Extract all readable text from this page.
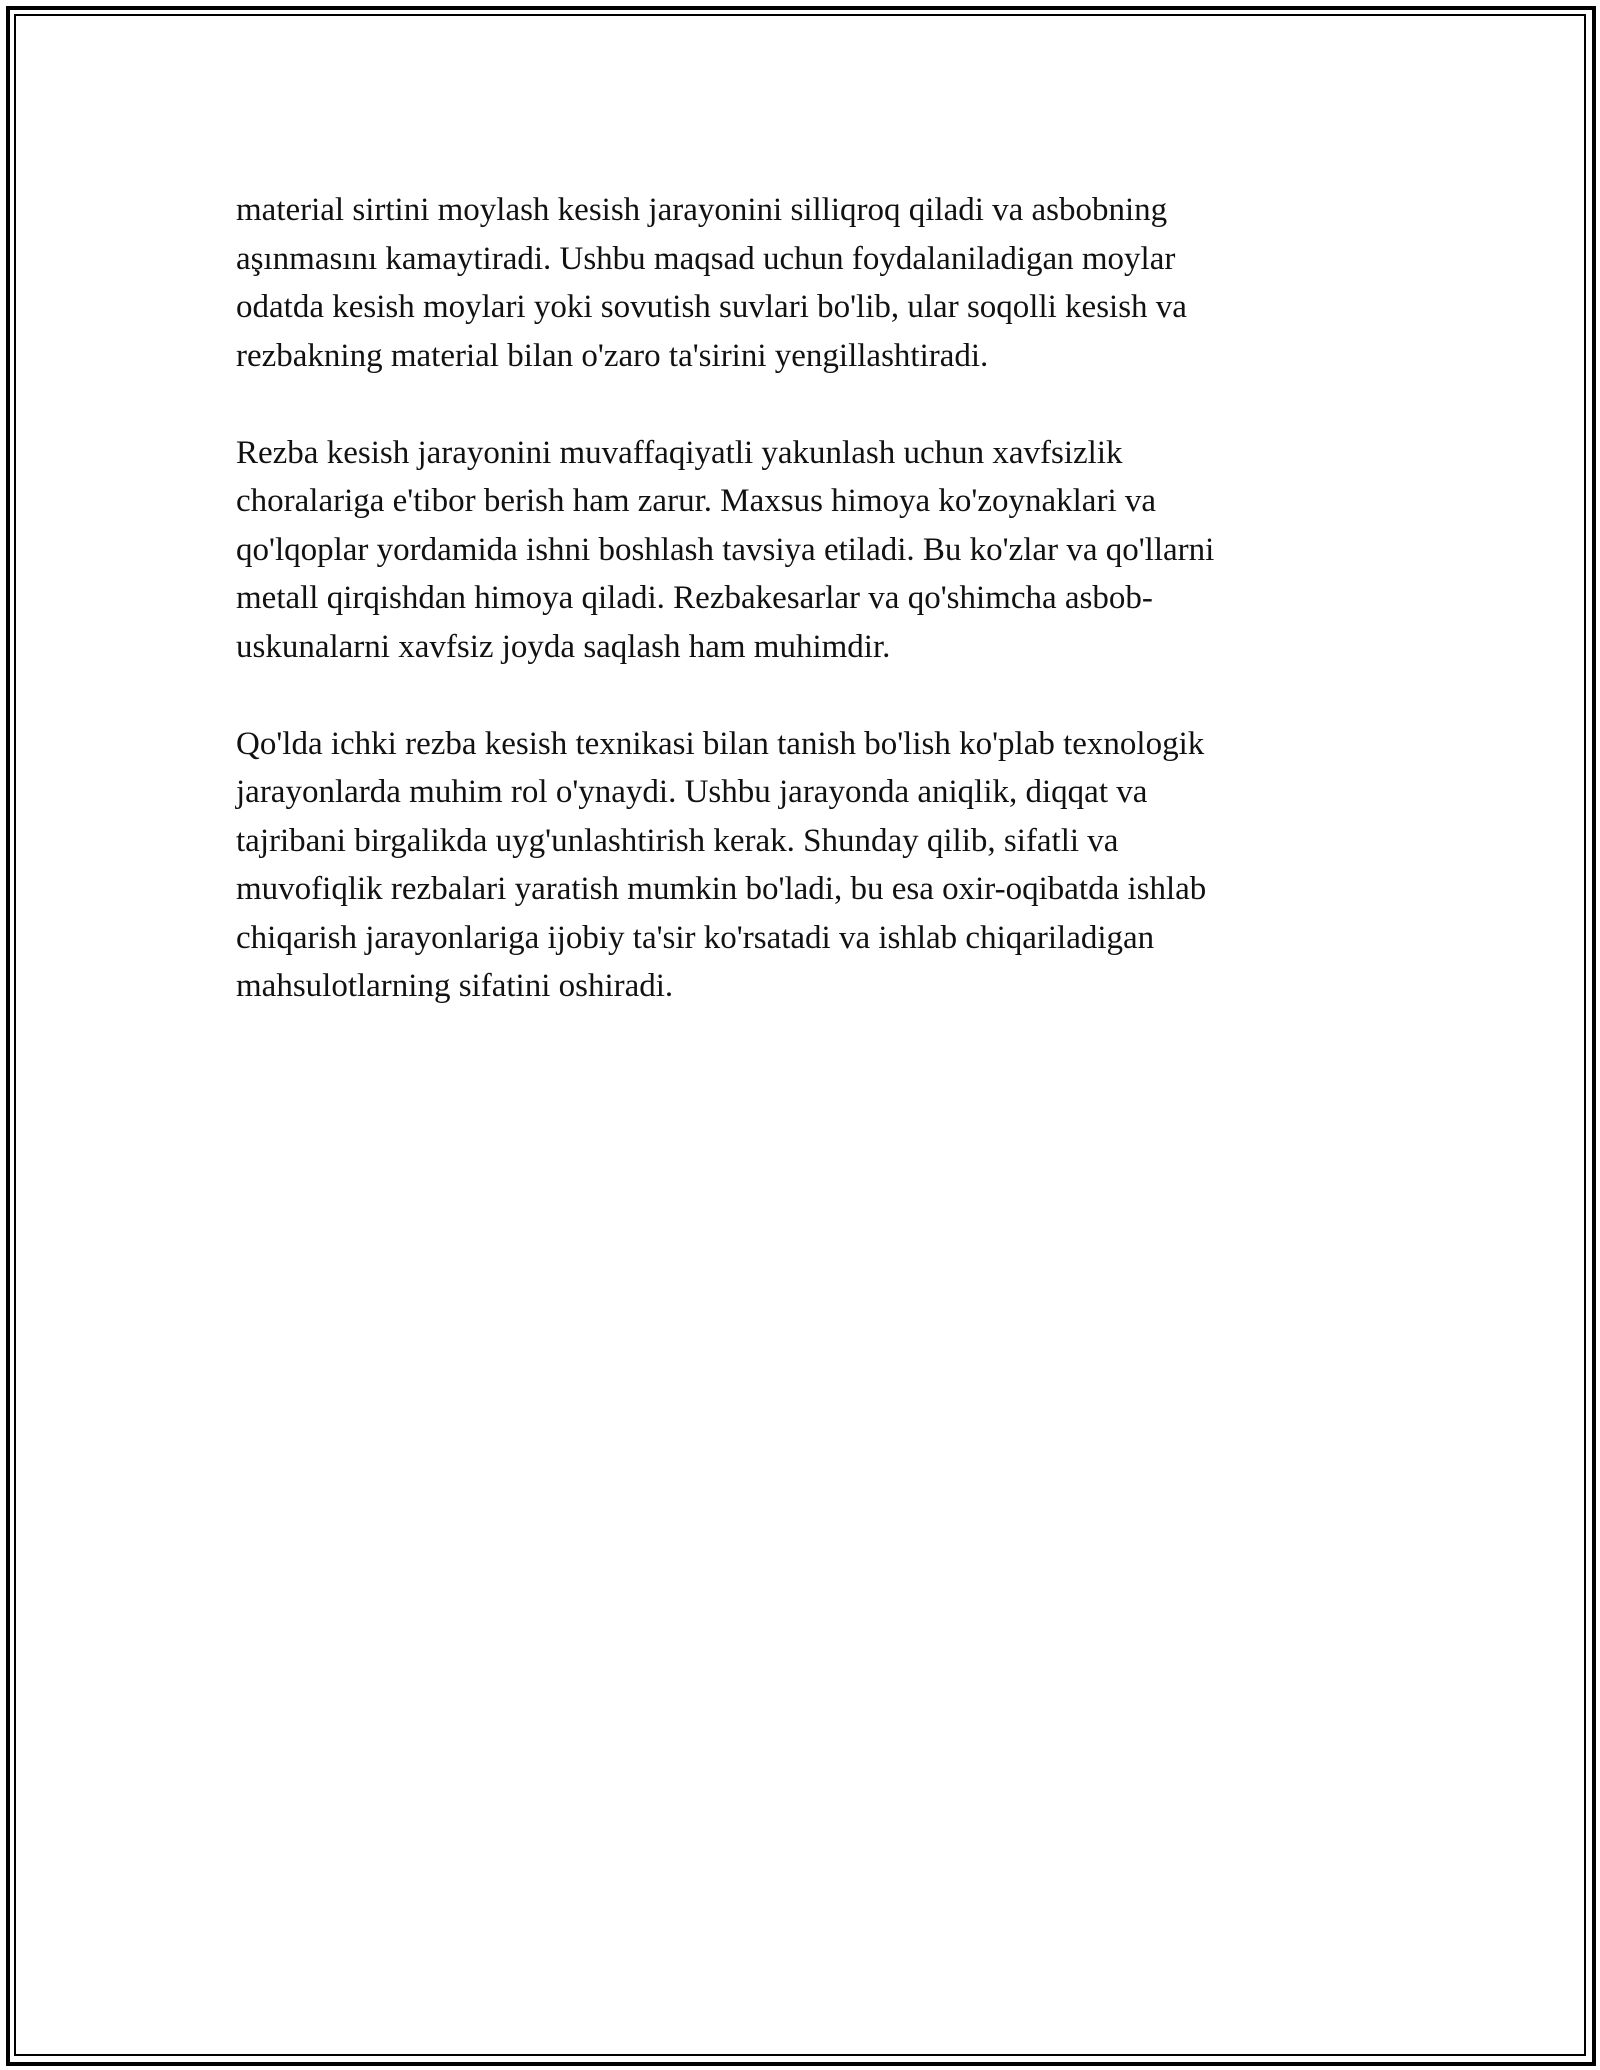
material sirtini moylash kesish jarayonini silliqroq qiladi va asbobning
aşınmasını kamaytiradi. Ushbu maqsad uchun foydalaniladigan moylar
odatda kesish moylari yoki sovutish suvlari bo'lib, ular soqolli kesish va
rezbakning material bilan o'zaro ta'sirini yengillashtiradi.

Rezba kesish jarayonini muvaffaqiyatli yakunlash uchun xavfsizlik
choralariga e'tibor berish ham zarur. Maxsus himoya ko'zoynaklari va
qo'lqoplar yordamida ishni boshlash tavsiya etiladi. Bu ko'zlar va qo'llarni
metall qirqishdan himoya qiladi. Rezbakesarlar va qo'shimcha asbob-
uskunalarni xavfsiz joyda saqlash ham muhimdir.

Qo'lda ichki rezba kesish texnikasi bilan tanish bo'lish ko'plab texnologik
jarayonlarda muhim rol o'ynaydi. Ushbu jarayonda aniqlik, diqqat va
tajribani birgalikda uyg'unlashtirish kerak. Shunday qilib, sifatli va
muvofiqlik rezbalari yaratish mumkin bo'ladi, bu esa oxir-oqibatda ishlab
chiqarish jarayonlariga ijobiy ta'sir ko'rsatadi va ishlab chiqariladigan
mahsulotlarning sifatini oshiradi.
